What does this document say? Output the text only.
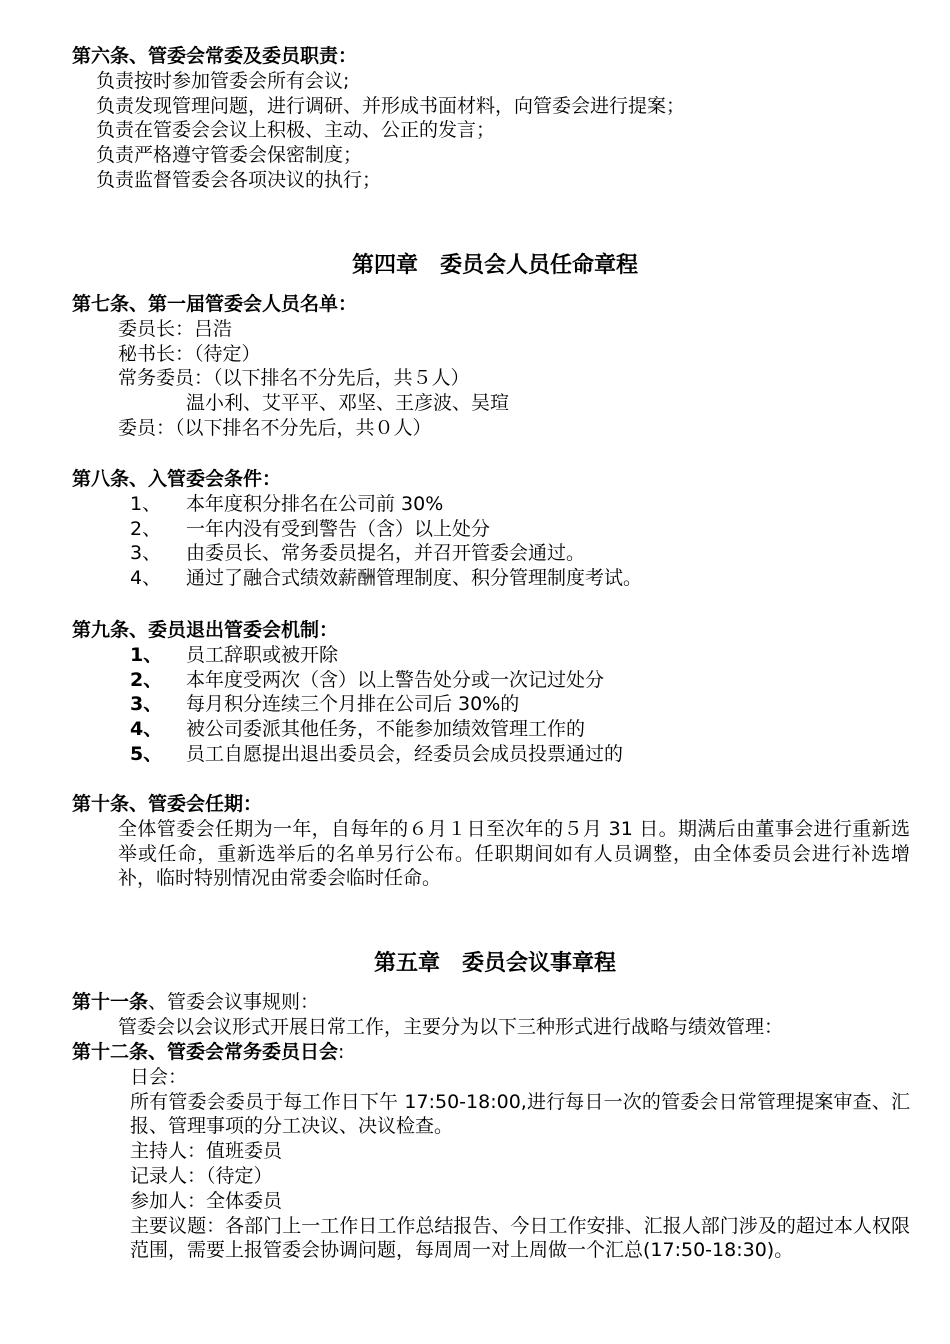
第六条、管委会常委及委员职责：
负责按时参加管委会所有会议;
负责发现管理问题，进行调研、并形成书面材料，向管委会进行提案；
负责在管委会会议上积极、主动、公正的发言；
负责严格遵守管委会保密制度；
负责监督管委会各项决议的执行；
第四章　委员会人员任命章程
第七条、第一届管委会人员名单：
委员长：吕浩
秘书长：（待定）
常务委员：（以下排名不分先后，共５人）
温小利、艾平平、邓坚、王彦波、吴瑄
委员：（以下排名不分先后，共０人）
第八条、入管委会条件：
1、	本年度积分排名在公司前 30%
2、	一年内没有受到警告（含）以上处分
3、	由委员长、常务委员提名，并召开管委会通过。
4、	通过了融合式绩效薪酬管理制度、积分管理制度考试。
第九条、委员退出管委会机制：
1、	员工辞职或被开除
2、	本年度受两次（含）以上警告处分或一次记过处分
3、	每月积分连续三个月排在公司后 30%的
4、	被公司委派其他任务，不能参加绩效管理工作的
5、	员工自愿提出退出委员会，经委员会成员投票通过的
第十条、管委会任期：
全体管委会任期为一年，自每年的６月１日至次年的５月 31 日。期满后由董事会进行重新选举或任命，重新选举后的名单另行公布。任职期间如有人员调整，由全体委员会进行补选增补，临时特别情况由常委会临时任命。
第五章　委员会议事章程
第十一条、管委会议事规则：
管委会以会议形式开展日常工作，主要分为以下三种形式进行战略与绩效管理：
第十二条、管委会常务委员日会:
日会：
所有管委会委员于每工作日下午 17:50-18:00,进行每日一次的管委会日常管理提案审查、汇报、管理事项的分工决议、决议检查。
主持人：值班委员
记录人：（待定）
参加人：全体委员
主要议题：各部门上一工作日工作总结报告、今日工作安排、汇报人部门涉及的超过本人权限范围，需要上报管委会协调问题，每周周一对上周做一个汇总(17:50-18:30)。
